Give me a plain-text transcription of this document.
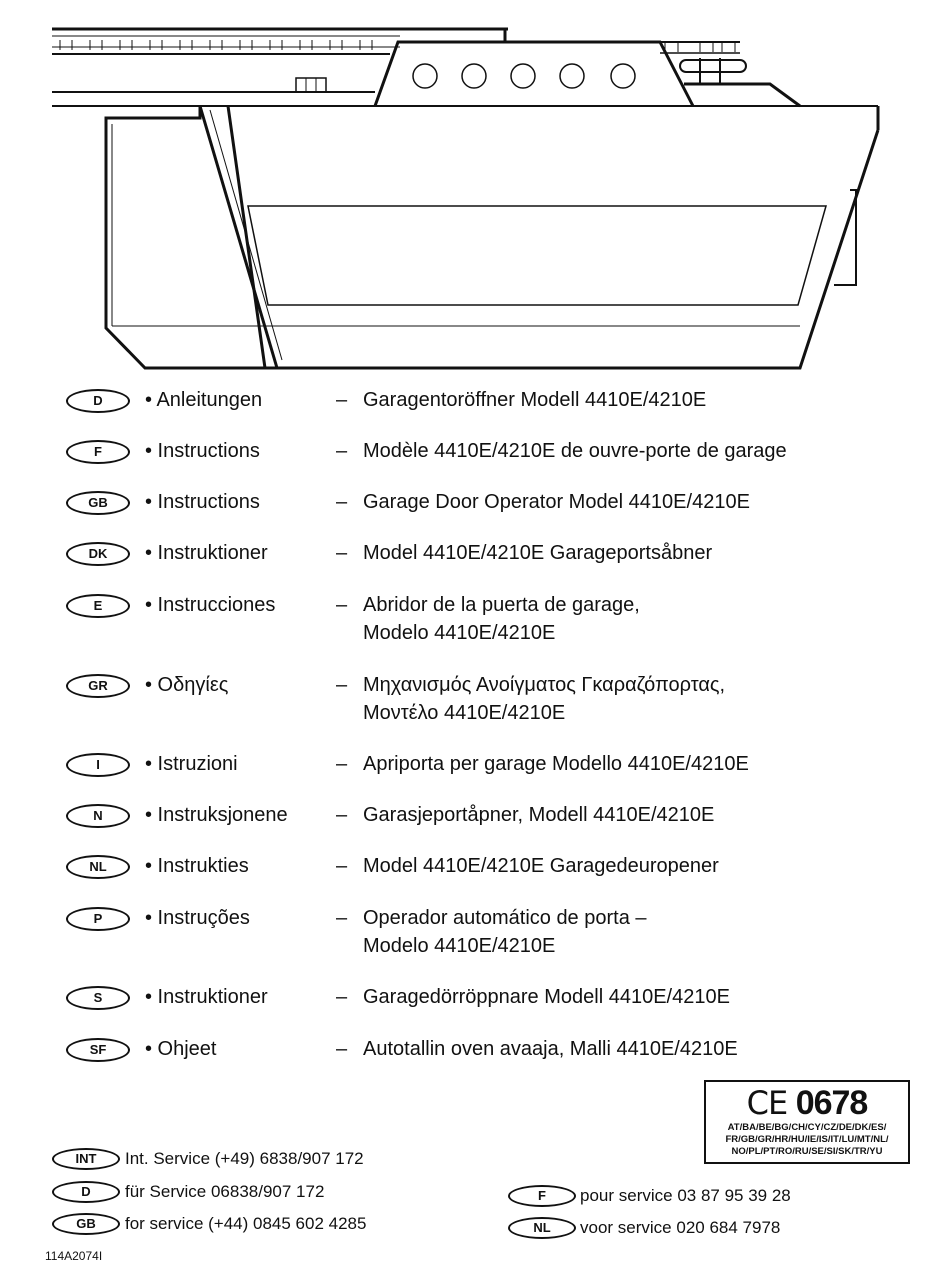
D	• Anleitungen	– Garagentoröffner Modell 4410E/4210E
F	• Instructions	– Modèle 4410E/4210E de ouvre-porte de garage
GB	• Instructions	– Garage Door Operator Model 4410E/4210E
DK	• Instruktioner	– Model 4410E/4210E Garageportsåbner
E	• Instrucciones	– Abridor de la puerta de garage,
Modelo 4410E/4210E
GR	• Οδηγίες	– Μηχανισμός Ανοίγματος Γκαραζόπορτας,
Μοντέλο 4410E/4210E
I	• Istruzioni	– Apriporta per garage Modello 4410E/4210E
N	• Instruksjonene – Garasjeportåpner, Modell 4410E/4210E
NL	• Instrukties	– Model 4410E/4210E Garagedeuropener
P	• Instruções	– Operador automático de porta –
Modelo 4410E/4210E
S	• Instruktioner	– Garagedörröppnare Modell 4410E/4210E
SF	• Ohjeet	– Autotallin oven avaaja, Malli 4410E/4210E
CE 0678
AT/BA/BE/BG/CH/CY/CZ/DE/DK/ES/
FR/GB/GR/HR/HU/IE/IS/IT/LU/MT/NL/
NO/PL/PT/RO/RU/SE/SI/SK/TR/YU
INT	Int. Service (+49) 6838/907 172
D	für Service 06838/907 172
GB	for service (+44) 0845 602 4285
F	pour service 03 87 95 39 28
NL	voor service 020 684 7978
114A2074I
